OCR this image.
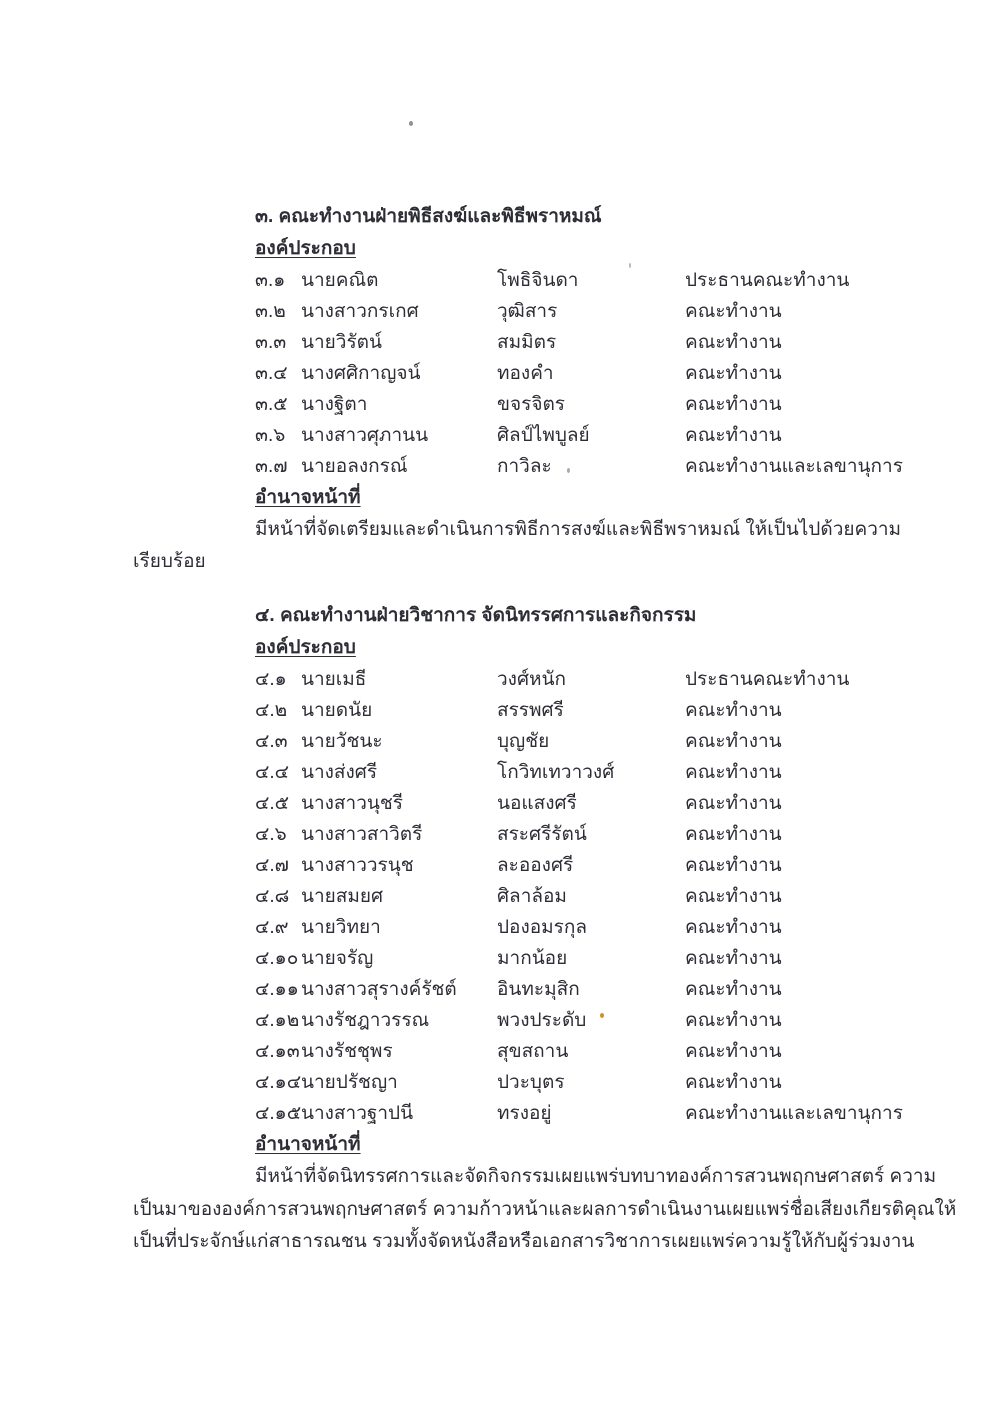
๓. คณะทำงานฝ่ายพิธีสงฆ์และพิธีพราหมณ์
องค์ประกอบ
๓.๑ นายคณิต	โพธิจินดา	ประธานคณะทำงาน
๓.๒ นางสาวกรเกศ	วุฒิสาร	คณะทำงาน
๓.๓ นายวิรัตน์	สมมิตร	คณะทำงาน
๓.๔ นางศศิกาญจน์	ทองคำ	คณะทำงาน
๓.๕ นางฐิตา	ขจรจิตร	คณะทำงาน
๓.๖ นางสาวศุภานน	ศิลป์ไพบูลย์	คณะทำงาน
๓.๗ นายอลงกรณ์	กาวิละ	คณะทำงานและเลขานุการ
อำนาจหน้าที่
มีหน้าที่จัดเตรียมและดำเนินการพิธีการสงฆ์และพิธีพราหมณ์ ให้เป็นไปด้วยความ
เรียบร้อย
๔. คณะทำงานฝ่ายวิชาการ จัดนิทรรศการและกิจกรรม
องค์ประกอบ
๔.๑ นายเมธี	วงศ์หนัก	ประธานคณะทำงาน
๔.๒ นายดนัย	สรรพศรี	คณะทำงาน
๔.๓ นายวัชนะ	บุญชัย	คณะทำงาน
๔.๔ นางส่งศรี	โกวิทเทวาวงศ์	คณะทำงาน
๔.๕ นางสาวนุชรี	นอแสงศรี	คณะทำงาน
๔.๖ นางสาวสาวิตรี	สระศรีรัตน์	คณะทำงาน
๔.๗ นางสาววรนุช	ละอองศรี	คณะทำงาน
๔.๘ นายสมยศ	ศิลาล้อม	คณะทำงาน
๔.๙ นายวิทยา	ปองอมรกุล	คณะทำงาน
๔.๑๐ นายจรัญ	มากน้อย	คณะทำงาน
๔.๑๑ นางสาวสุรางค์รัชต์	อินทะมุสิก	คณะทำงาน
๔.๑๒ นางรัชฎาวรรณ	พวงประดับ	คณะทำงาน
๔.๑๓ นางรัชชุพร	สุขสถาน	คณะทำงาน
๔.๑๔ นายปรัชญา	ปวะบุตร	คณะทำงาน
๔.๑๕ นางสาวฐาปนี	ทรงอยู่	คณะทำงานและเลขานุการ
อำนาจหน้าที่
มีหน้าที่จัดนิทรรศการและจัดกิจกรรมเผยแพร่บทบาทองค์การสวนพฤกษศาสตร์ ความ
เป็นมาขององค์การสวนพฤกษศาสตร์ ความก้าวหน้าและผลการดำเนินงานเผยแพร่ชื่อเสียงเกียรติคุณให้
เป็นที่ประจักษ์แก่สาธารณชน รวมทั้งจัดหนังสือหรือเอกสารวิชาการเผยแพร่ความรู้ให้กับผู้ร่วมงาน
